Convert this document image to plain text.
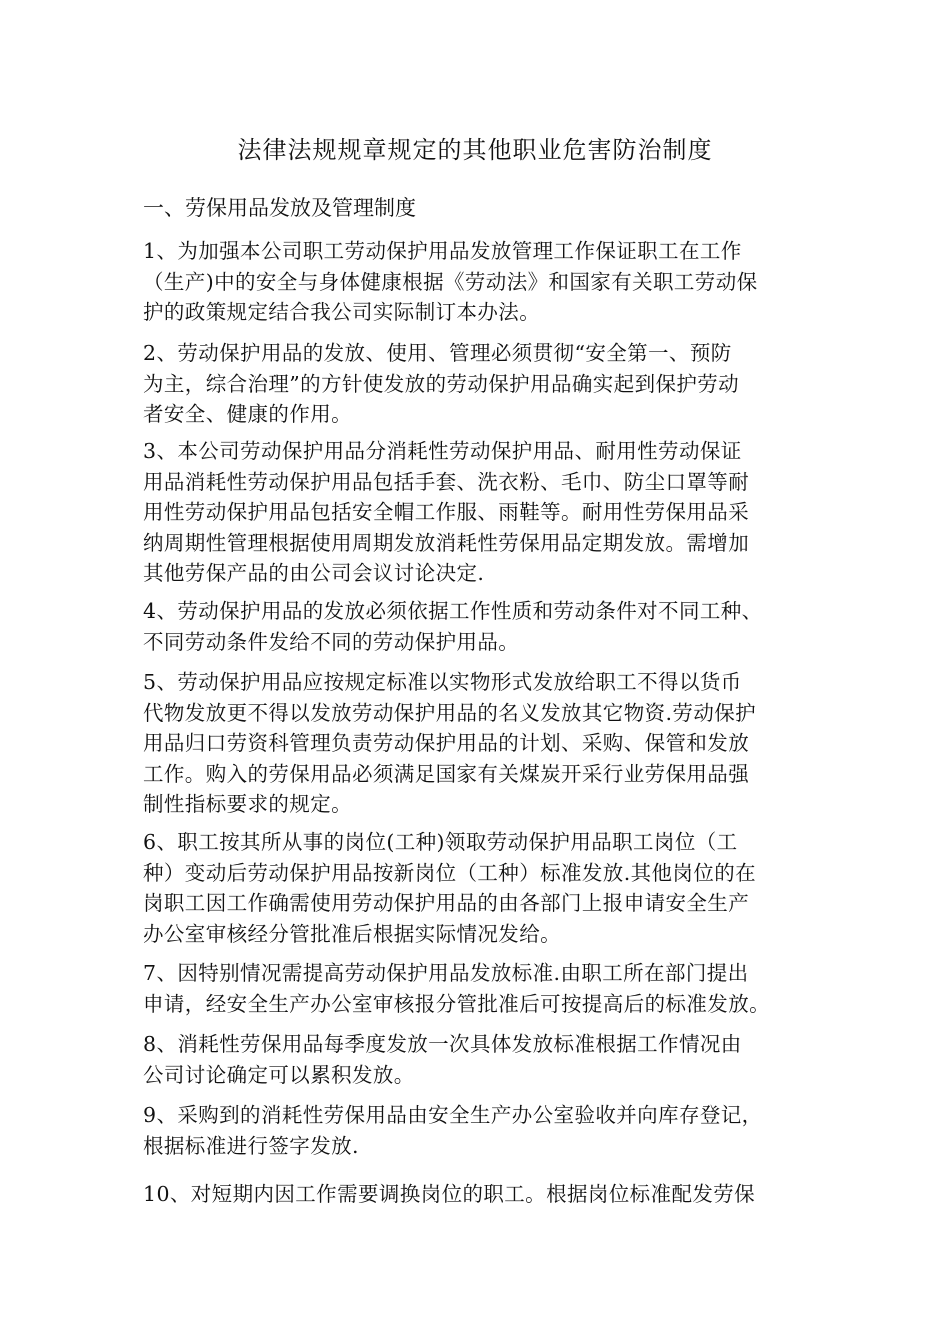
法律法规规章规定的其他职业危害防治制度
一、劳保用品发放及管理制度
1、为加强本公司职工劳动保护用品发放管理工作保证职工在工作
（生产)中的安全与身体健康根据《劳动法》和国家有关职工劳动保
护的政策规定结合我公司实际制订本办法。
2、劳动保护用品的发放、使用、管理必须贯彻“安全第一、预防
为主，综合治理”的方针使发放的劳动保护用品确实起到保护劳动
者安全、健康的作用。
3、本公司劳动保护用品分消耗性劳动保护用品、耐用性劳动保证
用品消耗性劳动保护用品包括手套、洗衣粉、毛巾、防尘口罩等耐
用性劳动保护用品包括安全帽工作服、雨鞋等。耐用性劳保用品采
纳周期性管理根据使用周期发放消耗性劳保用品定期发放。需增加
其他劳保产品的由公司会议讨论决定.
4、劳动保护用品的发放必须依据工作性质和劳动条件对不同工种、
不同劳动条件发给不同的劳动保护用品。
5、劳动保护用品应按规定标准以实物形式发放给职工不得以货币
代物发放更不得以发放劳动保护用品的名义发放其它物资.劳动保护
用品归口劳资科管理负责劳动保护用品的计划、采购、保管和发放
工作。购入的劳保用品必须满足国家有关煤炭开采行业劳保用品强
制性指标要求的规定。
6、职工按其所从事的岗位(工种)领取劳动保护用品职工岗位（工
种）变动后劳动保护用品按新岗位（工种）标准发放.其他岗位的在
岗职工因工作确需使用劳动保护用品的由各部门上报申请安全生产
办公室审核经分管批准后根据实际情况发给。
7、因特别情况需提高劳动保护用品发放标准.由职工所在部门提出
申请，经安全生产办公室审核报分管批准后可按提高后的标准发放。
8、消耗性劳保用品每季度发放一次具体发放标准根据工作情况由
公司讨论确定可以累积发放。
9、采购到的消耗性劳保用品由安全生产办公室验收并向库存登记，
根据标准进行签字发放.
10、对短期内因工作需要调换岗位的职工。根据岗位标准配发劳保
